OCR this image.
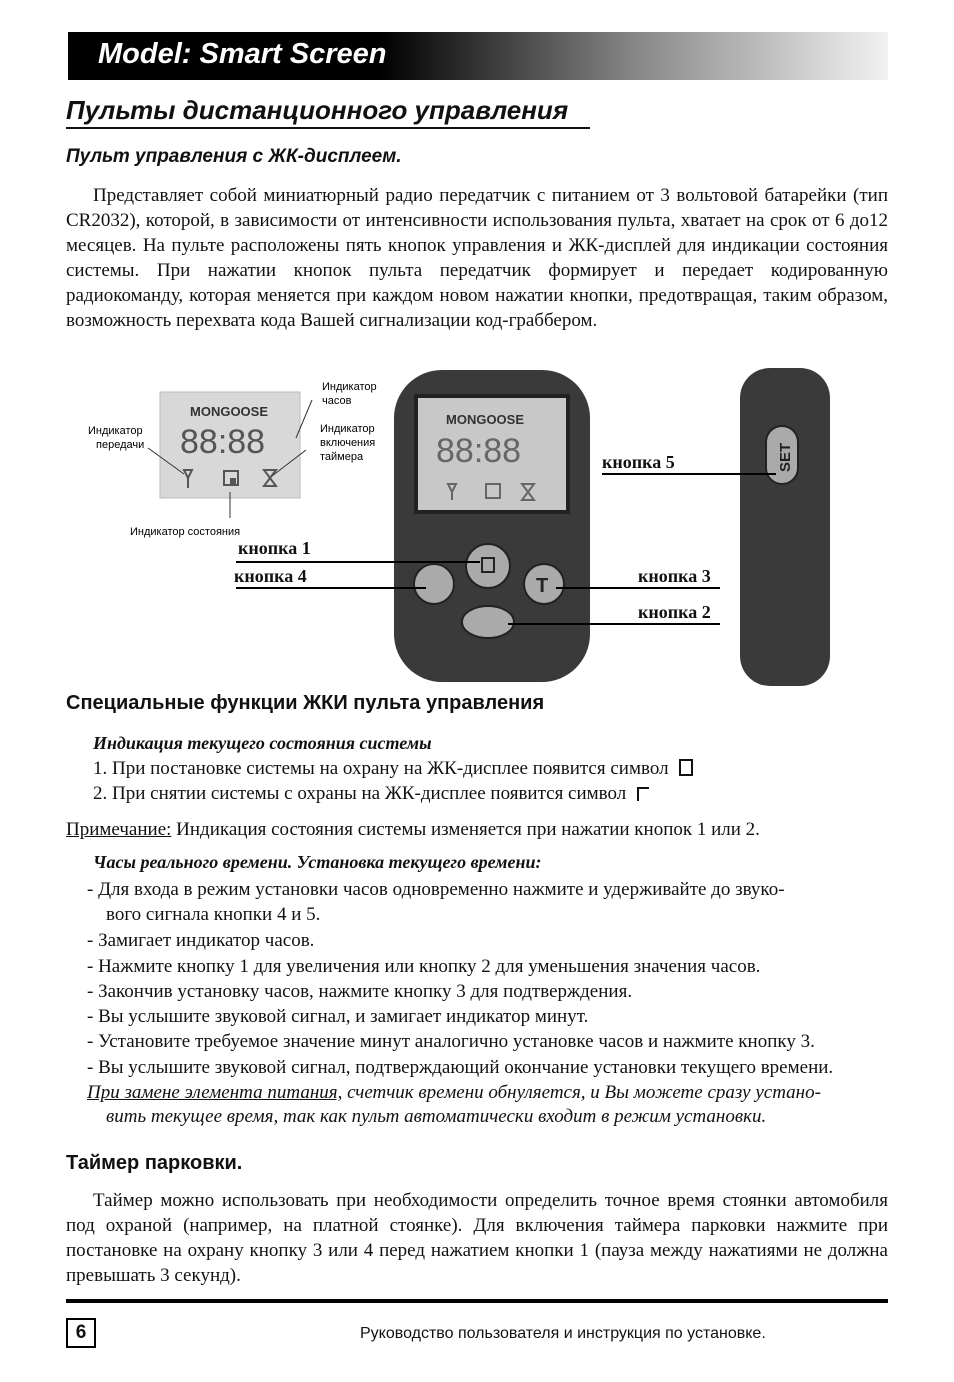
Model: Smart Screen
Пульты дистанционного управления
Пульт управления с ЖК-дисплеем.
Представляет собой миниатюрный радио передатчик с питанием от 3 вольтовой батарейки (тип CR2032), которой, в зависимости от интенсивности использования пульта, хватает на срок от 6 до12 месяцев. На пульте расположены пять кнопок управления и ЖК-дисплей для индикации состояния системы. При нажатии кнопок пульта передатчик формирует и передает кодированную радиокоманду, которая меняется при каждом новом нажатии кнопки, предотвращая, таким образом, возможность перехвата кода Вашей сигнализации код-граббером.
MONGOOSE
88:88
Индикатор часов
Индикатор передачи
Индикатор включения таймера
Индикатор состояния
MONGOOSE
88:88
T
SET
кнопка 1
кнопка 4	кнопка 3
кнопка 2
кнопка 5
Специальные функции ЖКИ пульта управления
Индикация текущего состояния системы
1. При постановке системы на охрану на ЖК-дисплее появится символ
2. При снятии системы с охраны на ЖК-дисплее появится символ
Примечание: Индикация состояния системы изменяется при нажатии кнопок 1 или 2.
Часы реального времени. Установка текущего времени:
- Для входа в режим установки часов одновременно нажмите и удерживайте до звуко-
вого сигнала кнопки 4 и 5.
- Замигает индикатор часов.
- Нажмите кнопку 1 для увеличения или кнопку 2 для уменьшения значения часов.
- Закончив установку часов, нажмите кнопку 3 для подтверждения.
- Вы услышите звуковой сигнал, и замигает индикатор минут.
- Установите требуемое значение минут аналогично установке часов и нажмите кнопку 3.
- Вы услышите звуковой сигнал, подтверждающий окончание установки текущего времени.
При замене элемента питания, счетчик времени обнуляется, и Вы можете сразу устано-
вить текущее время, так как пульт автоматически входит в режим установки.
Таймер парковки.
Таймер можно использовать при необходимости определить точное время стоянки автомобиля под охраной (например, на платной стоянке). Для включения таймера парковки нажмите при постановке на охрану кнопку 3 или 4 перед нажатием кнопки 1 (пауза между нажатиями не должна превышать 3 секунд).
6	Руководство пользователя и инструкция по установке.
